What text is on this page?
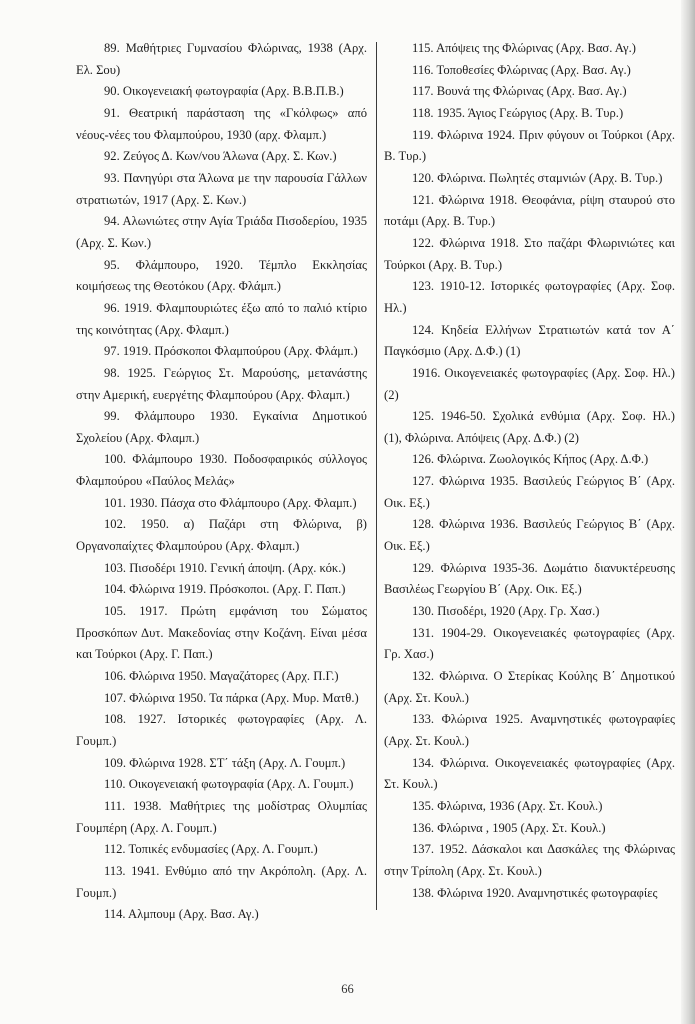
89. Μαθήτριες Γυμνασίου Φλώρινας, 1938 (Αρχ. Ελ. Σου)

90. Οικογενειακή φωτογραφία (Αρχ. Β.Β.Π.Β.)

91. Θεατρική παράσταση της «Γκόλφως» από νέους-νέες του Φλαμπούρου, 1930 (αρχ. Φλαμπ.)

92. Ζεύγος Δ. Κων/νου Άλωνα (Αρχ. Σ. Κων.)

93. Πανηγύρι στα Άλωνα με την παρουσία Γάλλων στρατιωτών, 1917 (Αρχ. Σ. Κων.)

94. Αλωνιώτες στην Αγία Τριάδα Πισοδερίου, 1935 (Αρχ. Σ. Κων.)

95. Φλάμπουρο, 1920. Τέμπλο Εκκλησίας κοιμήσεως της Θεοτόκου (Αρχ. Φλάμπ.)

96. 1919. Φλαμπουριώτες έξω από το παλιό κτίριο της κοινότητας (Αρχ. Φλαμπ.)

97. 1919. Πρόσκοποι Φλαμπούρου (Αρχ. Φλάμπ.)

98. 1925. Γεώργιος Στ. Μαρούσης, μετανάστης στην Αμερική, ευεργέτης Φλαμπούρου (Αρχ. Φλαμπ.)

99. Φλάμπουρο 1930. Εγκαίνια Δημοτικού Σχολείου (Αρχ. Φλαμπ.)

100. Φλάμπουρο 1930. Ποδοσφαιρικός σύλλογος Φλαμπούρου «Παύλος Μελάς»

101. 1930. Πάσχα στο Φλάμπουρο (Αρχ. Φλαμπ.)

102. 1950. α) Παζάρι στη Φλώρινα, β) Οργανοπαίχτες Φλαμπούρου (Αρχ. Φλαμπ.)

103. Πισοδέρι 1910. Γενική άποψη. (Αρχ. κόκ.)

104. Φλώρινα 1919. Πρόσκοποι. (Αρχ. Γ. Παπ.)

105. 1917. Πρώτη εμφάνιση του Σώματος Προσκόπων Δυτ. Μακεδονίας στην Κοζάνη. Είναι μέσα και Τούρκοι (Αρχ. Γ. Παπ.)

106. Φλώρινα 1950. Μαγαζάτορες (Αρχ. Π.Γ.)

107. Φλώρινα 1950. Τα πάρκα (Αρχ. Μυρ. Ματθ.)

108. 1927. Ιστορικές φωτογραφίες (Αρχ. Λ. Γουμπ.)

109. Φλώρινα 1928. ΣΤ΄ τάξη (Αρχ. Λ. Γουμπ.)

110. Οικογενειακή φωτογραφία (Αρχ. Λ. Γουμπ.)

111. 1938. Μαθήτριες της μοδίστρας Ολυμπίας Γουμπέρη (Αρχ. Λ. Γουμπ.)

112. Τοπικές ενδυμασίες (Αρχ. Λ. Γουμπ.)

113. 1941. Ενθύμιο από την Ακρόπολη. (Αρχ. Λ. Γουμπ.)

114. Αλμπουμ (Αρχ. Βασ. Αγ.)

115. Απόψεις της Φλώρινας (Αρχ. Βασ. Αγ.)

116. Τοποθεσίες Φλώρινας (Αρχ. Βασ. Αγ.)

117. Βουνά της Φλώρινας (Αρχ. Βασ. Αγ.)

118. 1935. Άγιος Γεώργιος (Αρχ. Β. Τυρ.)

119. Φλώρινα 1924. Πριν φύγουν οι Τούρκοι (Αρχ. Β. Τυρ.)

120. Φλώρινα. Πωλητές σταμνιών (Αρχ. Β. Τυρ.)

121. Φλώρινα 1918. Θεοφάνια, ρίψη σταυρού στο ποτάμι (Αρχ. Β. Τυρ.)

122. Φλώρινα 1918. Στο παζάρι Φλωρινιώτες και Τούρκοι (Αρχ. Β. Τυρ.)

123. 1910-12. Ιστορικές φωτογραφίες (Αρχ. Σοφ. Ηλ.)

124. Κηδεία Ελλήνων Στρατιωτών κατά τον Α΄ Παγκόσμιο (Αρχ. Δ.Φ.) (1)

1916. Οικογενειακές φωτογραφίες (Αρχ. Σοφ. Ηλ.) (2)

125. 1946-50. Σχολικά ενθύμια (Αρχ. Σοφ. Ηλ.) (1), Φλώρινα. Απόψεις (Αρχ. Δ.Φ.) (2)

126. Φλώρινα. Ζωολογικός Κήπος (Αρχ. Δ.Φ.)

127. Φλώρινα 1935. Βασιλεύς Γεώργιος Β΄ (Αρχ. Οικ. Εξ.)

128. Φλώρινα 1936. Βασιλεύς Γεώργιος Β΄ (Αρχ. Οικ. Εξ.)

129. Φλώρινα 1935-36. Δωμάτιο διανυκτέρευσης Βασιλέως Γεωργίου Β΄ (Αρχ. Οικ. Εξ.)

130. Πισοδέρι, 1920 (Αρχ. Γρ. Χασ.)

131. 1904-29. Οικογενειακές φωτογραφίες (Αρχ. Γρ. Χασ.)

132. Φλώρινα. Ο Στερίκας Κούλης Β΄ Δημοτικού (Αρχ. Στ. Κουλ.)

133. Φλώρινα 1925. Αναμνηστικές φωτογραφίες (Αρχ. Στ. Κουλ.)

134. Φλώρινα. Οικογενειακές φωτογραφίες (Αρχ. Στ. Κουλ.)

135. Φλώρινα, 1936 (Αρχ. Στ. Κουλ.)

136. Φλώρινα , 1905 (Αρχ. Στ. Κουλ.)

137. 1952. Δάσκαλοι και Δασκάλες της Φλώρινας στην Τρίπολη (Αρχ. Στ. Κουλ.)

138. Φλώρινα 1920. Αναμνηστικές φωτογραφίες

66
